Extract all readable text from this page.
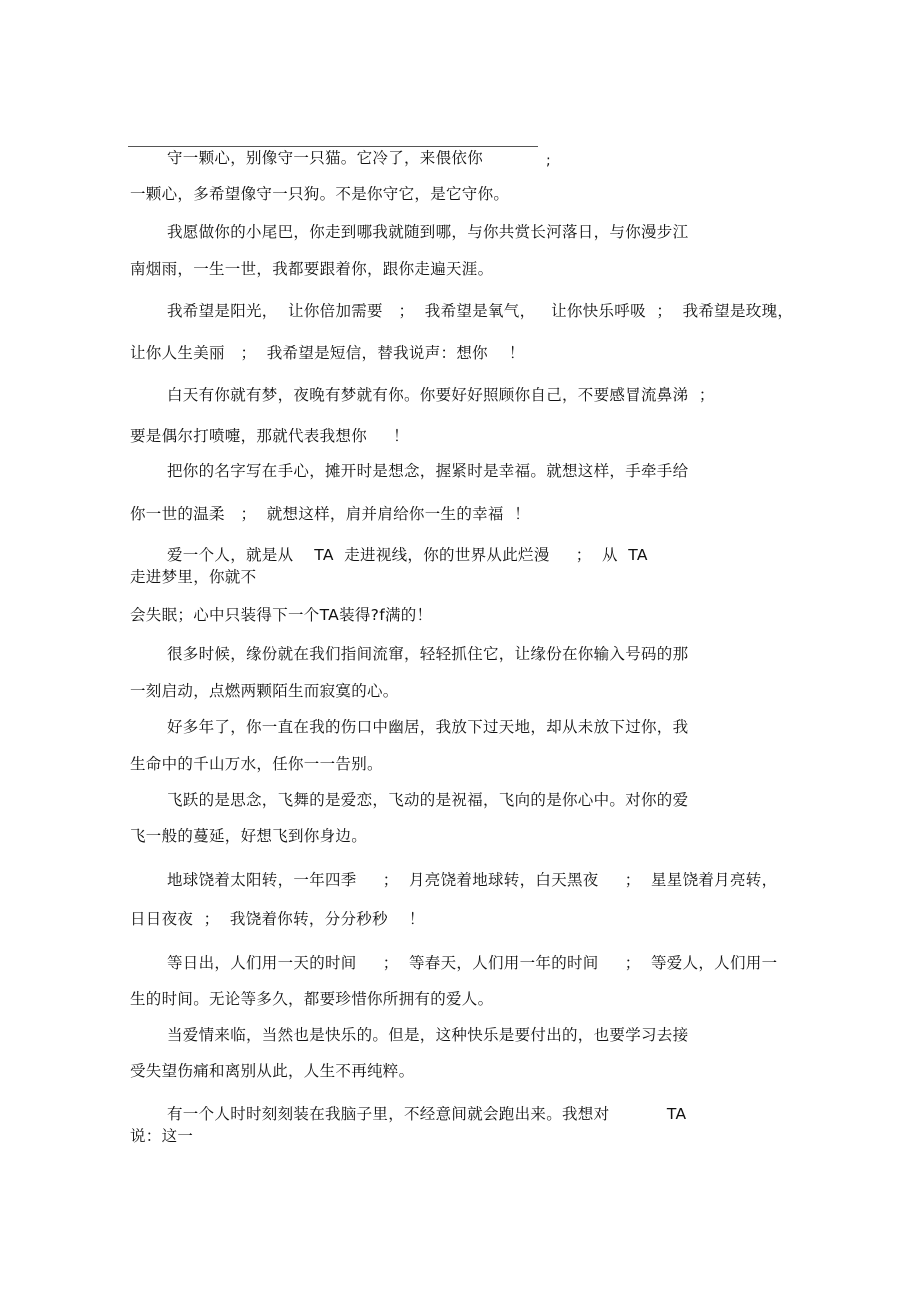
守一颗心，别像守一只猫。它冷了，来偎依你	;
一颗心，多希望像守一只狗。不是你守它，是它守你。
我愿做你的小尾巴，你走到哪我就随到哪，与你共赏长河落日，与你漫步江
南烟雨，一生一世，我都要跟着你，跟你走遍天涯。
我希望是阳光，  让你倍加需要   ；  我希望是氧气，   让你快乐呼吸  ；  我希望是玫瑰，
让你人生美丽   ；  我希望是短信，替我说声：想你    ！
白天有你就有梦，夜晚有梦就有你。你要好好照顾你自己，不要感冒流鼻涕  ；
要是偶尔打喷嚏，那就代表我想你     ！
把你的名字写在手心，摊开时是想念，握紧时是幸福。就想这样，手牵手给
你一世的温柔   ；  就想这样，肩并肩给你一生的幸福  ！
爱一个人，就是从    TA  走进视线，你的世界从此烂漫     ；  从  TA
走进梦里，你就不
会失眠；心中只装得下一个TA装得?f满的！
很多时候，缘份就在我们指间流窜，轻轻抓住它，让缘份在你输入号码的那
一刻启动，点燃两颗陌生而寂寞的心。
好多年了，你一直在我的伤口中幽居，我放下过天地，却从未放下过你，我
生命中的千山万水，任你一一告别。
飞跃的是思念，飞舞的是爱恋，飞动的是祝福，飞向的是你心中。对你的爱
飞一般的蔓延，好想飞到你身边。
地球饶着太阳转，一年四季     ；  月亮饶着地球转，白天黑夜     ；  星星饶着月亮转，
日日夜夜  ；  我饶着你转，分分秒秒    ！
等日出，人们用一天的时间     ；  等春天，人们用一年的时间     ；  等爱人，人们用一
生的时间。无论等多久，都要珍惜你所拥有的爱人。
当爱情来临，当然也是快乐的。但是，这种快乐是要付出的，也要学习去接
受失望伤痛和离别从此，人生不再纯粹。
有一个人时时刻刻装在我脑子里，不经意间就会跑出来。我想对           TA
说：这一
